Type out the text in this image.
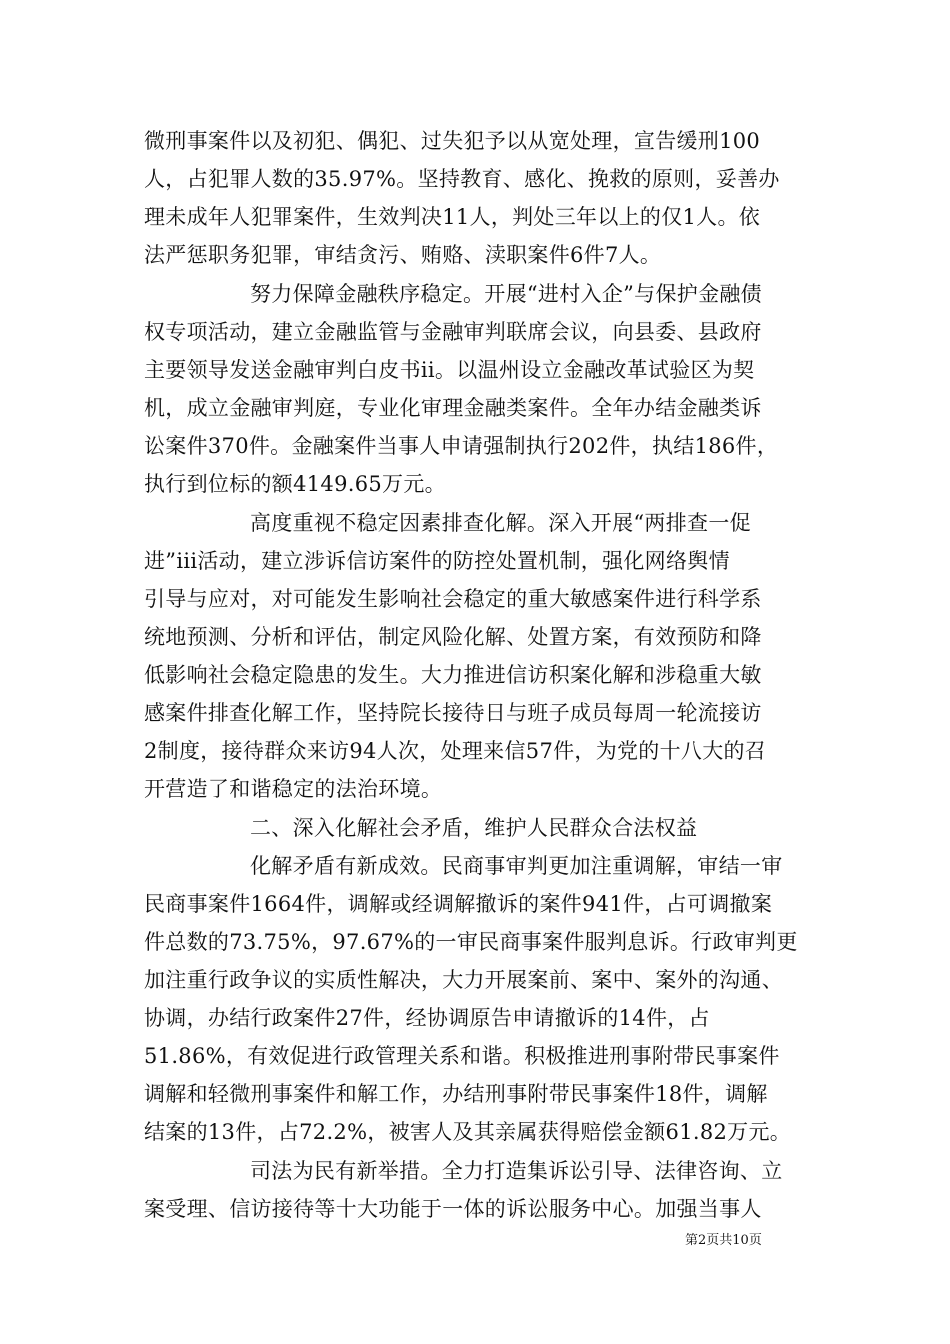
微刑事案件以及初犯、偶犯、过失犯予以从宽处理，宣告缓刑100
人，占犯罪人数的35.97%。坚持教育、感化、挽救的原则，妥善办
理未成年人犯罪案件，生效判决11人，判处三年以上的仅1人。依
法严惩职务犯罪，审结贪污、贿赂、渎职案件6件7人。
努力保障金融秩序稳定。开展“进村入企”与保护金融债
权专项活动，建立金融监管与金融审判联席会议，向县委、县政府
主要领导发送金融审判白皮书ii。以温州设立金融改革试验区为契
机，成立金融审判庭，专业化审理金融类案件。全年办结金融类诉
讼案件370件。金融案件当事人申请强制执行202件，执结186件，
执行到位标的额4149.65万元。
高度重视不稳定因素排查化解。深入开展“两排查一促
进”iii活动，建立涉诉信访案件的防控处置机制，强化网络舆情
引导与应对，对可能发生影响社会稳定的重大敏感案件进行科学系
统地预测、分析和评估，制定风险化解、处置方案，有效预防和降
低影响社会稳定隐患的发生。大力推进信访积案化解和涉稳重大敏
感案件排查化解工作，坚持院长接待日与班子成员每周一轮流接访
2制度，接待群众来访94人次，处理来信57件，为党的十八大的召
开营造了和谐稳定的法治环境。
二、深入化解社会矛盾，维护人民群众合法权益
化解矛盾有新成效。民商事审判更加注重调解，审结一审
民商事案件1664件，调解或经调解撤诉的案件941件，占可调撤案
件总数的73.75%，97.67%的一审民商事案件服判息诉。行政审判更
加注重行政争议的实质性解决，大力开展案前、案中、案外的沟通、
协调，办结行政案件27件，经协调原告申请撤诉的14件，占
51.86%，有效促进行政管理关系和谐。积极推进刑事附带民事案件
调解和轻微刑事案件和解工作，办结刑事附带民事案件18件，调解
结案的13件，占72.2%，被害人及其亲属获得赔偿金额61.82万元。
司法为民有新举措。全力打造集诉讼引导、法律咨询、立
案受理、信访接待等十大功能于一体的诉讼服务中心。加强当事人
第2页共10页
